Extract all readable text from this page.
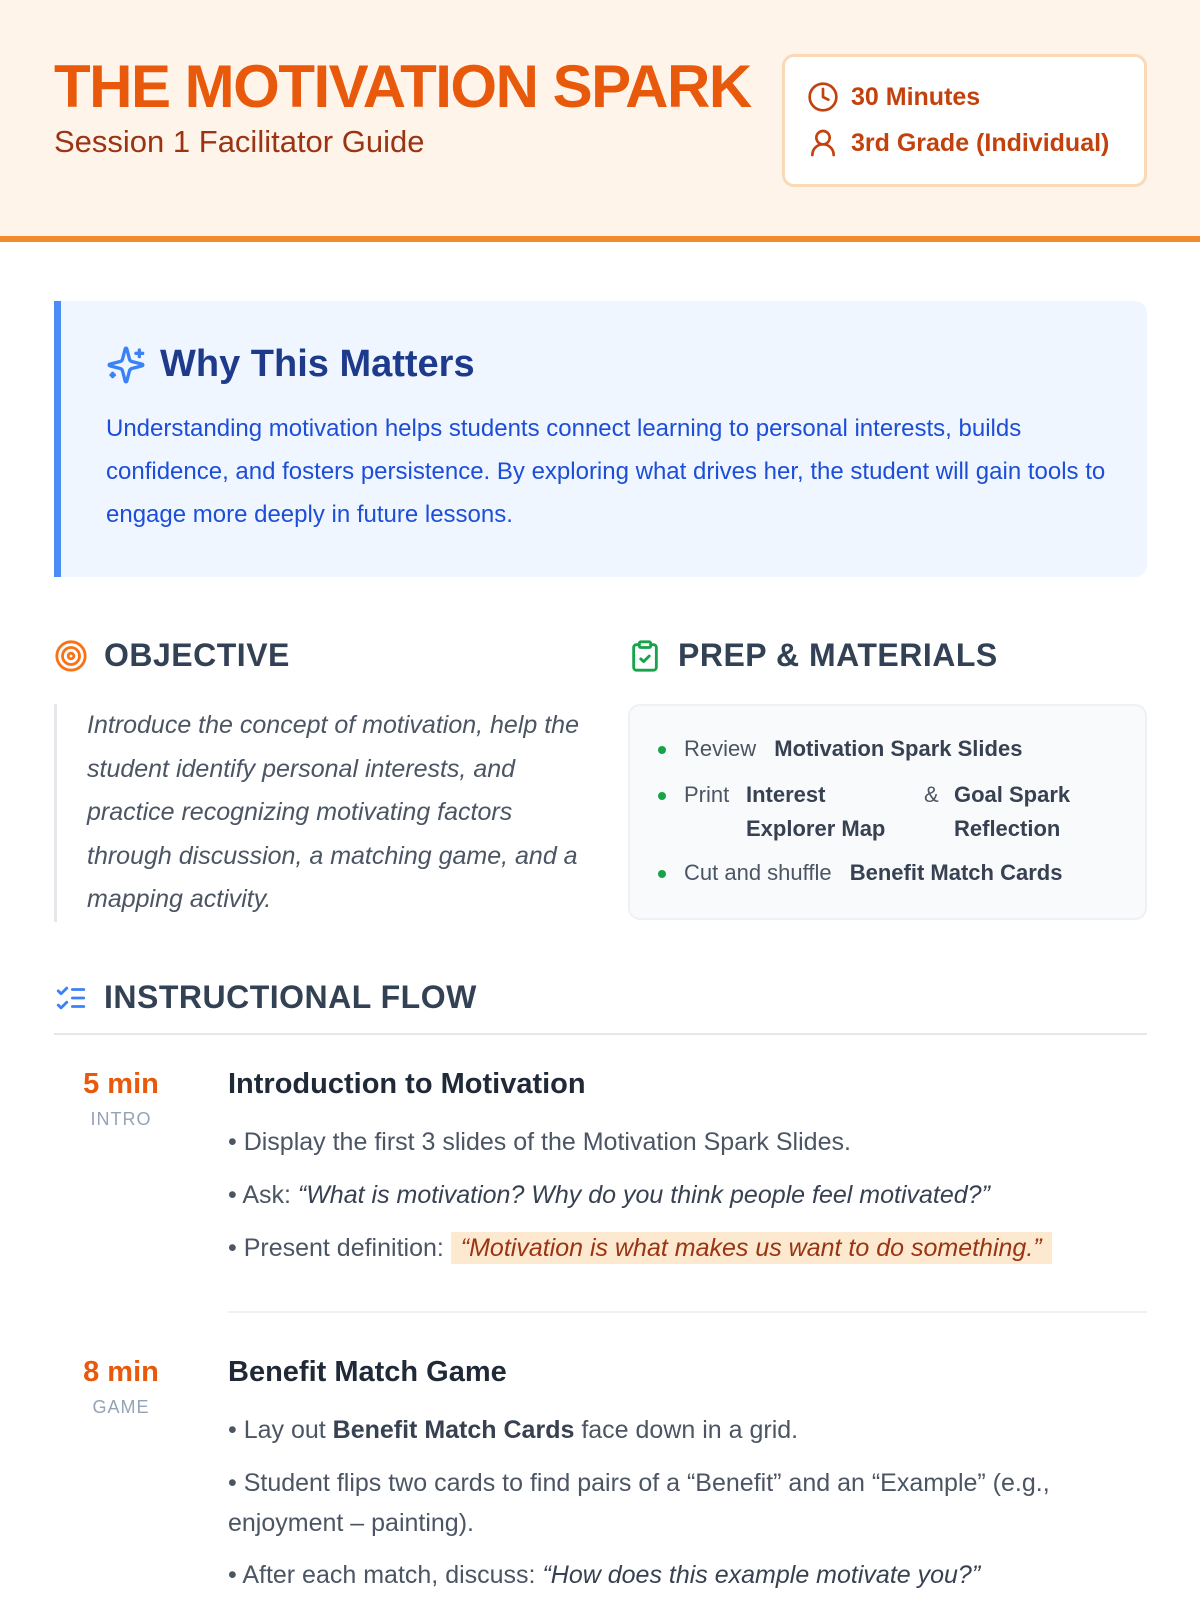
THE MOTIVATION SPARK
Session 1 Facilitator Guide
30 Minutes
3rd Grade (Individual)
Why This Matters
Understanding motivation helps students connect learning to personal interests, builds confidence, and fosters persistence. By exploring what drives her, the student will gain tools to engage more deeply in future lessons.
OBJECTIVE
Introduce the concept of motivation, help the student identify personal interests, and practice recognizing motivating factors through discussion, a matching game, and a mapping activity.
PREP & MATERIALS
Review Motivation Spark Slides
Print Interest Explorer Map
& Goal Spark Reflection
Cut and shuffle Benefit Match Cards
INSTRUCTIONAL FLOW
5 min
INTRO
Introduction to Motivation
• Display the first 3 slides of the Motivation Spark Slides.
• Ask: “What is motivation? Why do you think people feel motivated?”
• Present definition: “Motivation is what makes us want to do something.”
8 min
GAME
Benefit Match Game
• Lay out Benefit Match Cards face down in a grid.
• Student flips two cards to find pairs of a “Benefit” and an “Example” (e.g., enjoyment – painting).
• After each match, discuss: “How does this example motivate you?”
